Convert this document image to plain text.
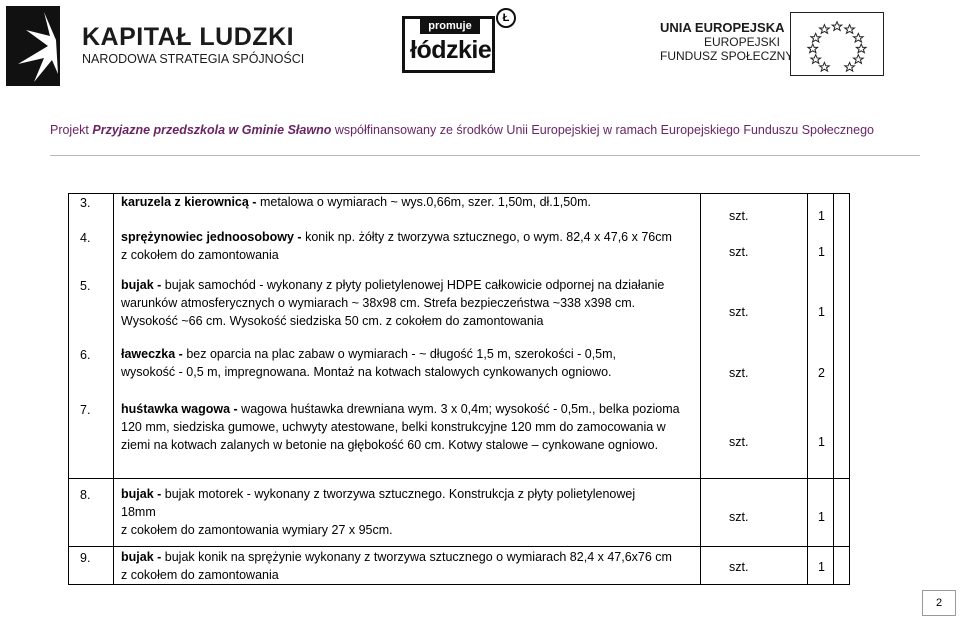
KAPITAŁ LUDZKI
NARODOWA STRATEGIA SPÓJNOŚCI
promuje
łódzkie
Ł
UNIA EUROPEJSKA
EUROPEJSKI
FUNDUSZ SPOŁECZNY
Projekt Przyjazne przedszkola w Gminie Sławno współfinansowany ze środków Unii Europejskiej w ramach Europejskiego Funduszu Społecznego
3. karuzela z kierownicą - metalowa o wymiarach ~ wys.0,66m, szer. 1,50m, dł.1,50m.
szt.	1
4. sprężynowiec jednoosobowy - konik np. żółty z tworzywa sztucznego, o wym. 82,4 x 47,6 x 76cm
z cokołem do zamontowania	szt.	1
5. bujak - bujak samochód - wykonany z płyty polietylenowej HDPE całkowicie odpornej na działanie
warunków atmosferycznych o wymiarach ~ 38x98 cm. Strefa bezpieczeństwa ~338 x398 cm.
Wysokość ~66 cm. Wysokość siedziska 50 cm. z cokołem do zamontowania
szt.	1
6. ławeczka - bez oparcia na plac zabaw o wymiarach - ~ długość 1,5 m, szerokości - 0,5m,
wysokość - 0,5 m, impregnowana. Montaż na kotwach stalowych cynkowanych ogniowo.	szt.	2
7. huśtawka wagowa - wagowa huśtawka drewniana wym. 3 x 0,4m; wysokość - 0,5m., belka pozioma
120 mm, siedziska gumowe, uchwyty atestowane, belki konstrukcyjne 120 mm do zamocowania w
ziemi na kotwach zalanych w betonie na głębokość 60 cm. Kotwy stalowe – cynkowane ogniowo.	szt.	1
8. bujak - bujak motorek - wykonany z tworzywa sztucznego. Konstrukcja z płyty polietylenowej
18mm
z cokołem do zamontowania wymiary 27 x 95cm.
szt.	1
9. bujak - bujak konik na sprężynie wykonany z tworzywa sztucznego o wymiarach 82,4 x 47,6x76 cm
z cokołem do zamontowania
szt.	1
2
